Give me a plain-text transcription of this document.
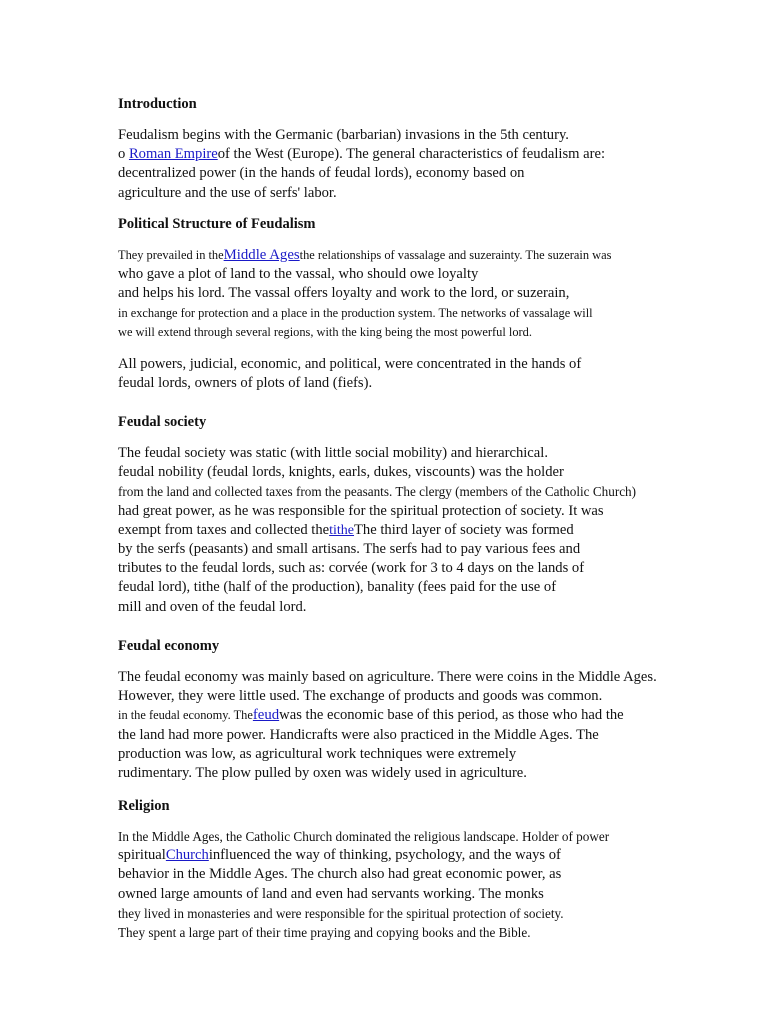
Introduction
Feudalism begins with the Germanic (barbarian) invasions in the 5th century.
o Roman Empireof the West (Europe). The general characteristics of feudalism are:
decentralized power (in the hands of feudal lords), economy based on
agriculture and the use of serfs' labor.
Political Structure of Feudalism
They prevailed in theMiddle Agesthe relationships of vassalage and suzerainty. The suzerain was
who gave a plot of land to the vassal, who should owe loyalty
and helps his lord. The vassal offers loyalty and work to the lord, or suzerain,
in exchange for protection and a place in the production system. The networks of vassalage will
we will extend through several regions, with the king being the most powerful lord.
All powers, judicial, economic, and political, were concentrated in the hands of
feudal lords, owners of plots of land (fiefs).
Feudal society
The feudal society was static (with little social mobility) and hierarchical.
feudal nobility (feudal lords, knights, earls, dukes, viscounts) was the holder
from the land and collected taxes from the peasants. The clergy (members of the Catholic Church)
had great power, as he was responsible for the spiritual protection of society. It was
exempt from taxes and collected thetitheThe third layer of society was formed
by the serfs (peasants) and small artisans. The serfs had to pay various fees and
tributes to the feudal lords, such as: corvée (work for 3 to 4 days on the lands of
feudal lord), tithe (half of the production), banality (fees paid for the use of
mill and oven of the feudal lord.
Feudal economy
The feudal economy was mainly based on agriculture. There were coins in the Middle Ages.
However, they were little used. The exchange of products and goods was common.
in the feudal economy. Thefeudwas the economic base of this period, as those who had the
the land had more power. Handicrafts were also practiced in the Middle Ages. The
production was low, as agricultural work techniques were extremely
rudimentary. The plow pulled by oxen was widely used in agriculture.
Religion
In the Middle Ages, the Catholic Church dominated the religious landscape. Holder of power
spiritualChurchinfluenced the way of thinking, psychology, and the ways of
behavior in the Middle Ages. The church also had great economic power, as
owned large amounts of land and even had servants working. The monks
they lived in monasteries and were responsible for the spiritual protection of society.
They spent a large part of their time praying and copying books and the Bible.
